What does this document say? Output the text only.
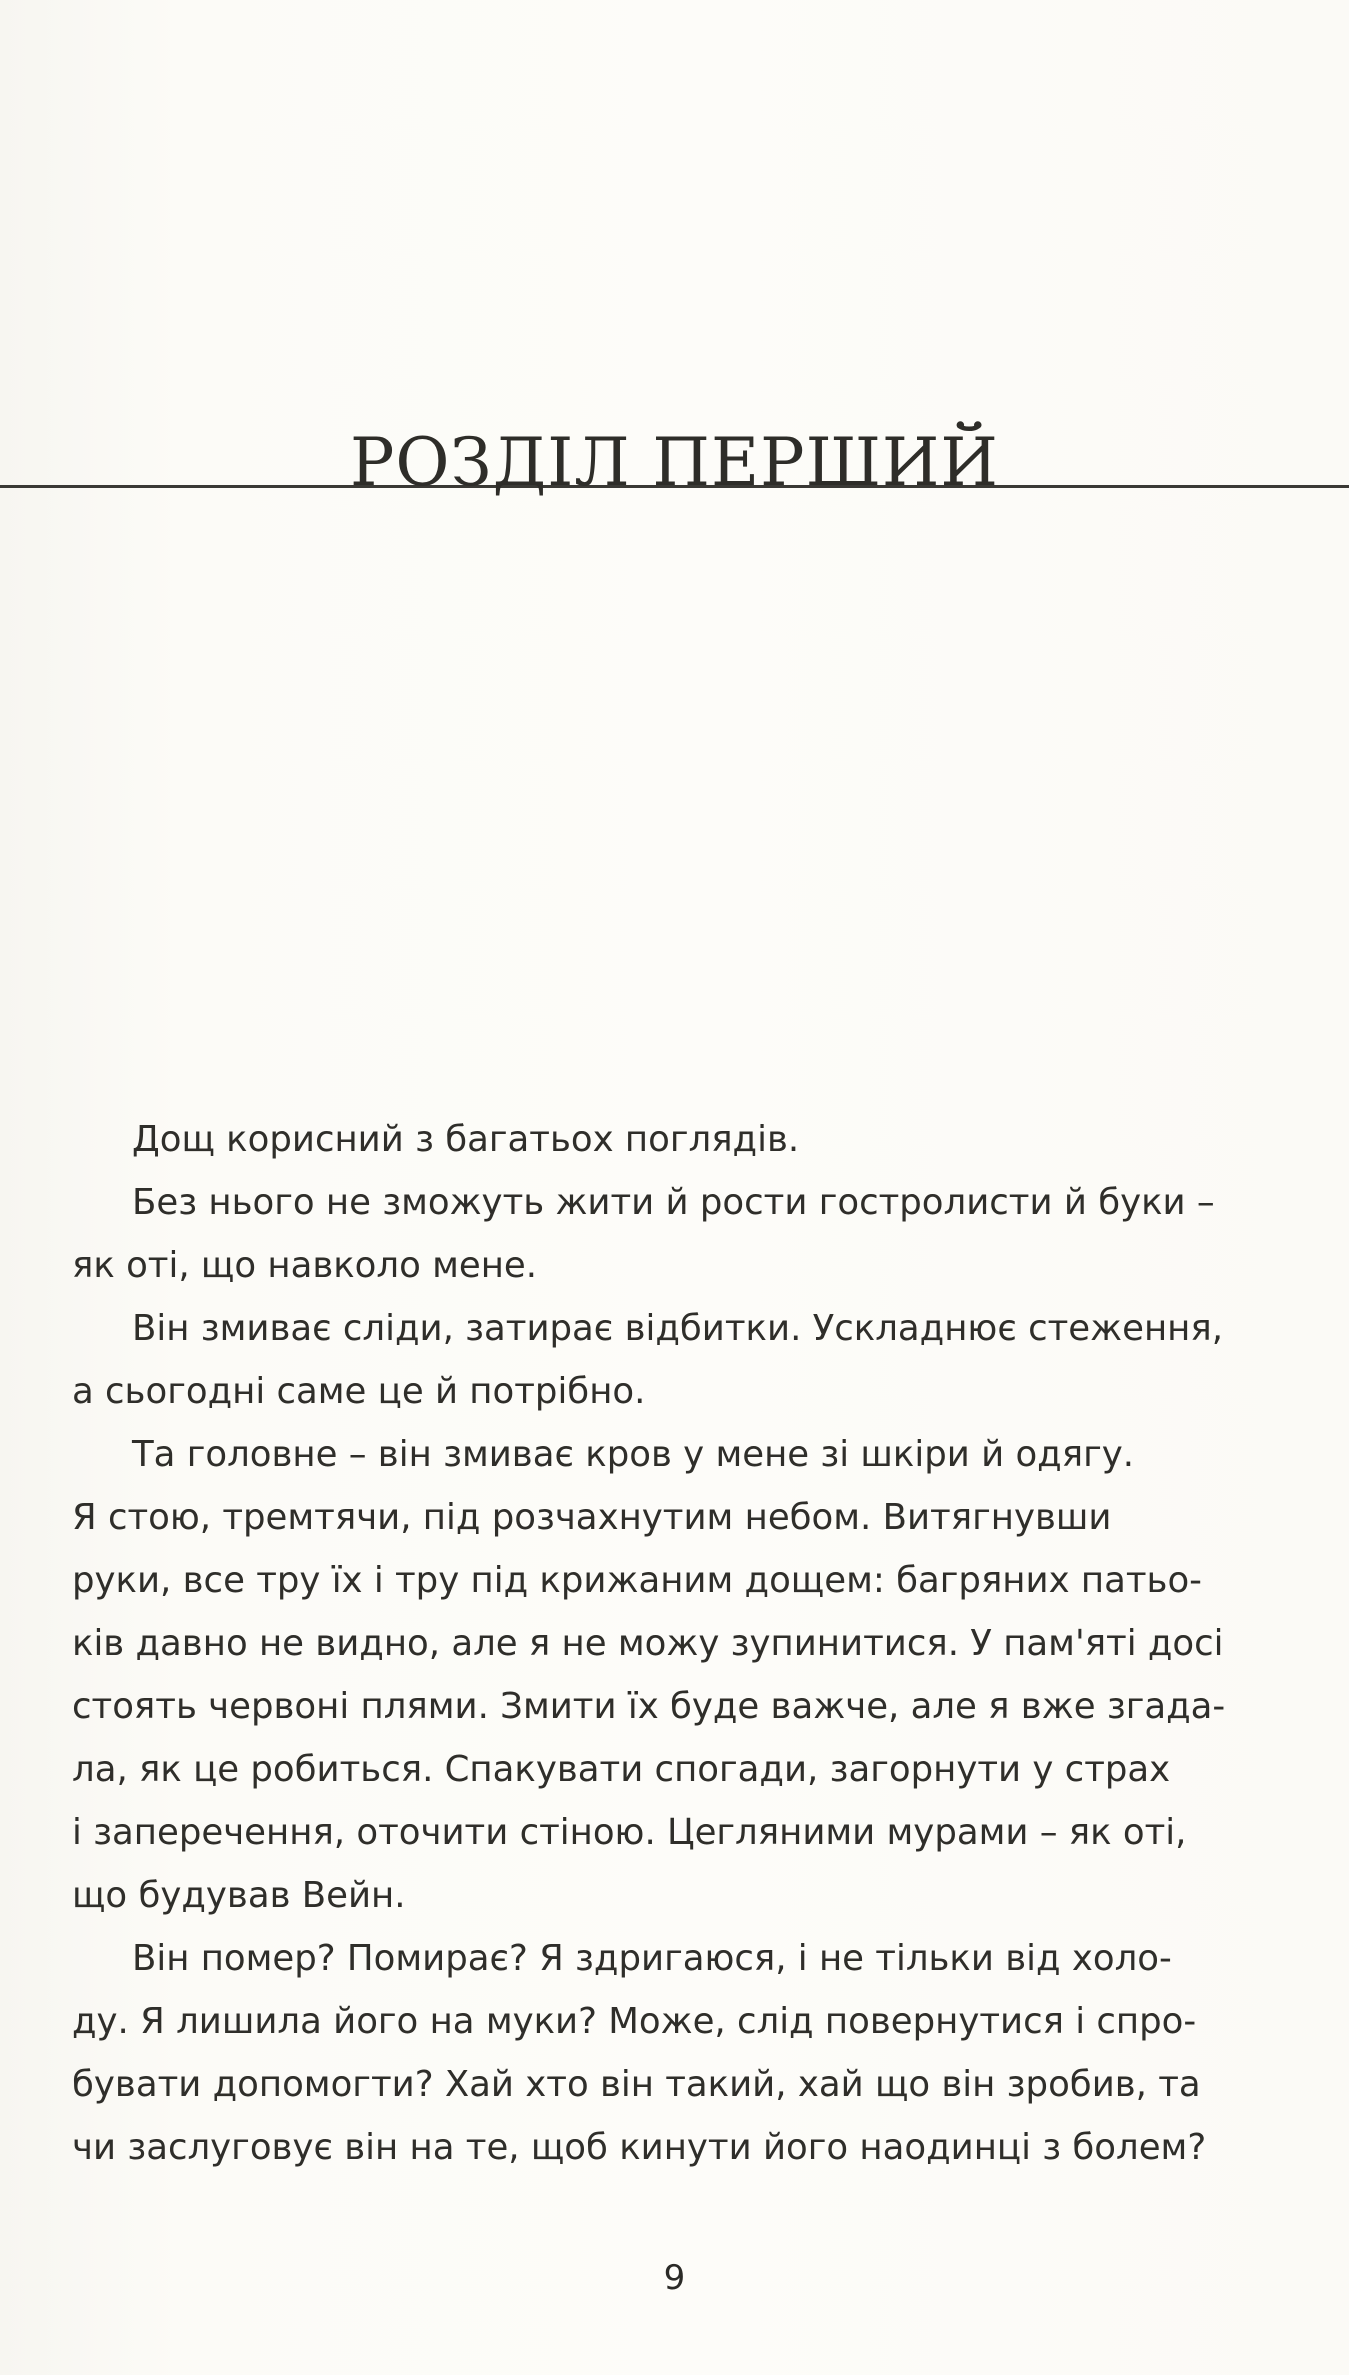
РОЗДІЛ ПЕРШИЙ

Дощ корисний з багатьох поглядів.

Без нього не зможуть жити й рости гостролисти й буки –
як оті, що навколо мене.

Він змиває сліди, затирає відбитки. Ускладнює стеження,
а сьогодні саме це й потрібно.

Та головне – він змиває кров у мене зі шкіри й одягу.
Я стою, тремтячи, під розчахнутим небом. Витягнувши
руки, все тру їх і тру під крижаним дощем: багряних патьо-
ків давно не видно, але я не можу зупинитися. У пам'яті досі
стоять червоні плями. Змити їх буде важче, але я вже згада-
ла, як це робиться. Спакувати спогади, загорнути у страх
і заперечення, оточити стіною. Цегляними мурами – як оті,
що будував Вейн.

Він помер? Помирає? Я здригаюся, і не тільки від холо-
ду. Я лишила його на муки? Може, слід повернутися і спро-
бувати допомогти? Хай хто він такий, хай що він зробив, та
чи заслуговує він на те, щоб кинути його наодинці з болем?

9
